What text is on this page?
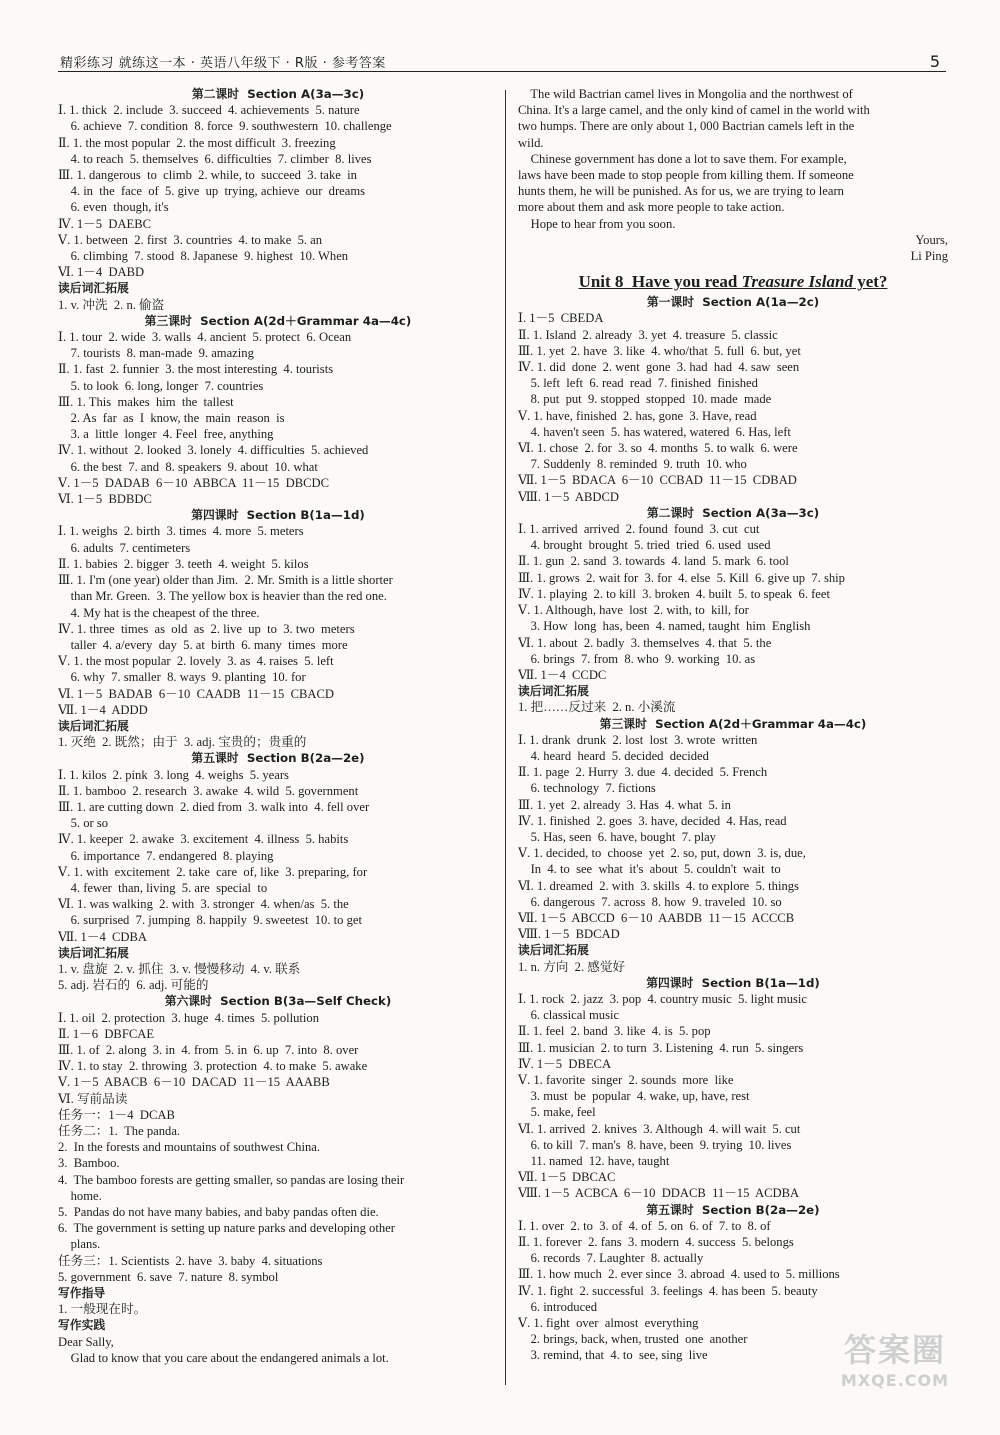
精彩练习 就练这一本 · 英语八年级下 · R版 · 参考答案	5
第二课时  Section A(3a—3c)
Ⅰ. 1. thick  2. include  3. succeed  4. achievements  5. nature
6. achieve  7. condition  8. force  9. southwestern  10. challenge
Ⅱ. 1. the most popular  2. the most difficult  3. freezing
4. to reach  5. themselves  6. difficulties  7. climber  8. lives
Ⅲ. 1. dangerous  to  climb  2. while, to  succeed  3. take  in
4. in  the  face  of  5. give  up  trying, achieve  our  dreams
6. even  though, it's
Ⅳ. 1－5  DAEBC
Ⅴ. 1. between  2. first  3. countries  4. to make  5. an
6. climbing  7. stood  8. Japanese  9. highest  10. When
Ⅵ. 1－4  DABD
读后词汇拓展
1. v. 冲洗  2. n. 偷盗
第三课时  Section A(2d＋Grammar 4a—4c)
Ⅰ. 1. tour  2. wide  3. walls  4. ancient  5. protect  6. Ocean
7. tourists  8. man-made  9. amazing
Ⅱ. 1. fast  2. funnier  3. the most interesting  4. tourists
5. to look  6. long, longer  7. countries
Ⅲ. 1. This  makes  him  the  tallest
2. As  far  as  I  know, the  main  reason  is
3. a  little  longer  4. Feel  free, anything
Ⅳ. 1. without  2. looked  3. lonely  4. difficulties  5. achieved
6. the best  7. and  8. speakers  9. about  10. what
Ⅴ. 1－5  DADAB  6－10  ABBCA  11－15  DBCDC
Ⅵ. 1－5  BDBDC
第四课时  Section B(1a—1d)
Ⅰ. 1. weighs  2. birth  3. times  4. more  5. meters
6. adults  7. centimeters
Ⅱ. 1. babies  2. bigger  3. teeth  4. weight  5. kilos
Ⅲ. 1. I'm (one year) older than Jim.  2. Mr. Smith is a little shorter
than Mr. Green.  3. The yellow box is heavier than the red one.
4. My hat is the cheapest of the three.
Ⅳ. 1. three  times  as  old  as  2. live  up  to  3. two  meters
taller  4. a/every  day  5. at  birth  6. many  times  more
Ⅴ. 1. the most popular  2. lovely  3. as  4. raises  5. left
6. why  7. smaller  8. ways  9. planting  10. for
Ⅵ. 1－5  BADAB  6－10  CAADB  11－15  CBACD
Ⅶ. 1－4  ADDD
读后词汇拓展
1. 灭绝  2. 既然；由于  3. adj. 宝贵的；贵重的
第五课时  Section B(2a—2e)
Ⅰ. 1. kilos  2. pink  3. long  4. weighs  5. years
Ⅱ. 1. bamboo  2. research  3. awake  4. wild  5. government
Ⅲ. 1. are cutting down  2. died from  3. walk into  4. fell over
5. or so
Ⅳ. 1. keeper  2. awake  3. excitement  4. illness  5. habits
6. importance  7. endangered  8. playing
Ⅴ. 1. with  excitement  2. take  care  of, like  3. preparing, for
4. fewer  than, living  5. are  special  to
Ⅵ. 1. was walking  2. with  3. stronger  4. when/as  5. the
6. surprised  7. jumping  8. happily  9. sweetest  10. to get
Ⅶ. 1－4  CDBA
读后词汇拓展
1. v. 盘旋  2. v. 抓住  3. v. 慢慢移动  4. v. 联系
5. adj. 岩石的  6. adj. 可能的
第六课时  Section B(3a—Self Check)
Ⅰ. 1. oil  2. protection  3. huge  4. times  5. pollution
Ⅱ. 1－6  DBFCAE
Ⅲ. 1. of  2. along  3. in  4. from  5. in  6. up  7. into  8. over
Ⅳ. 1. to stay  2. throwing  3. protection  4. to make  5. awake
Ⅴ. 1－5  ABACB  6－10  DACAD  11－15  AAABB
Ⅵ. 写前品读
任务一：1－4  DCAB
任务二：1.  The panda.
2.  In the forests and mountains of southwest China.
3.  Bamboo.
4.  The bamboo forests are getting smaller, so pandas are losing their
home.
5.  Pandas do not have many babies, and baby pandas often die.
6.  The government is setting up nature parks and developing other
plans.
任务三：1. Scientists  2. have  3. baby  4. situations
5. government  6. save  7. nature  8. symbol
写作指导
1. 一般现在时。
写作实践
Dear Sally,
Glad to know that you care about the endangered animals a lot.
The wild Bactrian camel lives in Mongolia and the northwest of
China. It's a large camel, and the only kind of camel in the world with
two humps. There are only about 1, 000 Bactrian camels left in the
wild.
Chinese government has done a lot to save them. For example,
laws have been made to stop people from killing them. If someone
hunts them, he will be punished. As for us, we are trying to learn
more about them and ask more people to take action.
Hope to hear from you soon.
Yours,
Li Ping
Unit 8  Have you read Treasure Island yet?
第一课时  Section A(1a—2c)
Ⅰ. 1－5  CBEDA
Ⅱ. 1. Island  2. already  3. yet  4. treasure  5. classic
Ⅲ. 1. yet  2. have  3. like  4. who/that  5. full  6. but, yet
Ⅳ. 1. did  done  2. went  gone  3. had  had  4. saw  seen
5. left  left  6. read  read  7. finished  finished
8. put  put  9. stopped  stopped  10. made  made
Ⅴ. 1. have, finished  2. has, gone  3. Have, read
4. haven't seen  5. has watered, watered  6. Has, left
Ⅵ. 1. chose  2. for  3. so  4. months  5. to walk  6. were
7. Suddenly  8. reminded  9. truth  10. who
Ⅶ. 1－5  BDACA  6－10  CCBAD  11－15  CDBAD
Ⅷ. 1－5  ABDCD
第二课时  Section A(3a—3c)
Ⅰ. 1. arrived  arrived  2. found  found  3. cut  cut
4. brought  brought  5. tried  tried  6. used  used
Ⅱ. 1. gun  2. sand  3. towards  4. land  5. mark  6. tool
Ⅲ. 1. grows  2. wait for  3. for  4. else  5. Kill  6. give up  7. ship
Ⅳ. 1. playing  2. to kill  3. broken  4. built  5. to speak  6. feet
Ⅴ. 1. Although, have  lost  2. with, to  kill, for
3. How  long  has, been  4. named, taught  him  English
Ⅵ. 1. about  2. badly  3. themselves  4. that  5. the
6. brings  7. from  8. who  9. working  10. as
Ⅶ. 1－4  CCDC
读后词汇拓展
1. 把……反过来  2. n. 小溪流
第三课时  Section A(2d＋Grammar 4a—4c)
Ⅰ. 1. drank  drunk  2. lost  lost  3. wrote  written
4. heard  heard  5. decided  decided
Ⅱ. 1. page  2. Hurry  3. due  4. decided  5. French
6. technology  7. fictions
Ⅲ. 1. yet  2. already  3. Has  4. what  5. in
Ⅳ. 1. finished  2. goes  3. have, decided  4. Has, read
5. Has, seen  6. have, bought  7. play
Ⅴ. 1. decided, to  choose  yet  2. so, put, down  3. is, due,
In  4. to  see  what  it's  about  5. couldn't  wait  to
Ⅵ. 1. dreamed  2. with  3. skills  4. to explore  5. things
6. dangerous  7. across  8. how  9. traveled  10. so
Ⅶ. 1－5  ABCCD  6－10  AABDB  11－15  ACCCB
Ⅷ. 1－5  BDCAD
读后词汇拓展
1. n. 方向  2. 感觉好
第四课时  Section B(1a—1d)
Ⅰ. 1. rock  2. jazz  3. pop  4. country music  5. light music
6. classical music
Ⅱ. 1. feel  2. band  3. like  4. is  5. pop
Ⅲ. 1. musician  2. to turn  3. Listening  4. run  5. singers
Ⅳ. 1－5  DBECA
Ⅴ. 1. favorite  singer  2. sounds  more  like
3. must  be  popular  4. wake, up, have, rest
5. make, feel
Ⅵ. 1. arrived  2. knives  3. Although  4. will wait  5. cut
6. to kill  7. man's  8. have, been  9. trying  10. lives
11. named  12. have, taught
Ⅶ. 1－5  DBCAC
Ⅷ. 1－5  ACBCA  6－10  DDACB  11－15  ACDBA
第五课时  Section B(2a—2e)
Ⅰ. 1. over  2. to  3. of  4. of  5. on  6. of  7. to  8. of
Ⅱ. 1. forever  2. fans  3. modern  4. success  5. belongs
6. records  7. Laughter  8. actually
Ⅲ. 1. how much  2. ever since  3. abroad  4. used to  5. millions
Ⅳ. 1. fight  2. successful  3. feelings  4. has been  5. beauty
6. introduced
Ⅴ. 1. fight  over  almost  everything
2. brings, back, when, trusted  one  another
3. remind, that  4. to  see, sing  live	答案圈
MXQE.COM
